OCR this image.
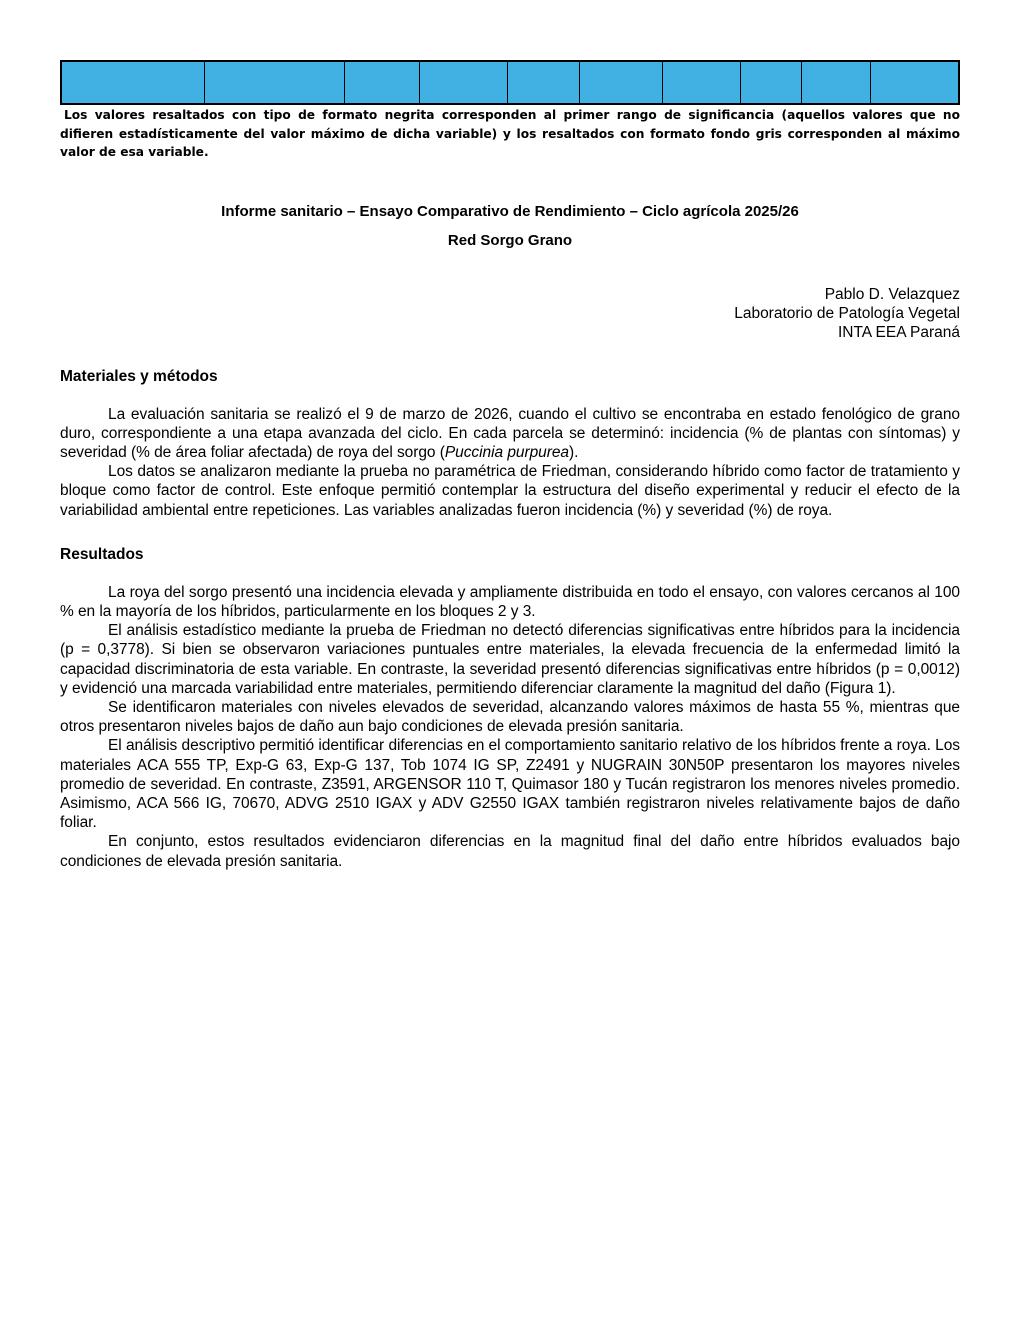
Los valores resaltados con tipo de formato negrita corresponden al primer rango de significancia (aquellos valores que no difieren estadísticamente del valor máximo de dicha variable) y los resaltados con formato fondo gris corresponden al máximo valor de esa variable.

Informe sanitario – Ensayo Comparativo de Rendimiento – Ciclo agrícola 2025/26

Red Sorgo Grano

Pablo D. Velazquez
Laboratorio de Patología Vegetal
INTA EEA Paraná
Materiales y métodos

La evaluación sanitaria se realizó el 9 de marzo de 2026, cuando el cultivo se encontraba en estado fenológico de grano duro, correspondiente a una etapa avanzada del ciclo. En cada parcela se determinó: incidencia (% de plantas con síntomas) y severidad (% de área foliar afectada) de roya del sorgo (Puccinia purpurea).

Los datos se analizaron mediante la prueba no paramétrica de Friedman, considerando híbrido como factor de tratamiento y bloque como factor de control. Este enfoque permitió contemplar la estructura del diseño experimental y reducir el efecto de la variabilidad ambiental entre repeticiones. Las variables analizadas fueron incidencia (%) y severidad (%) de roya.

Resultados

La roya del sorgo presentó una incidencia elevada y ampliamente distribuida en todo el ensayo, con valores cercanos al 100 % en la mayoría de los híbridos, particularmente en los bloques 2 y 3.

El análisis estadístico mediante la prueba de Friedman no detectó diferencias significativas entre híbridos para la incidencia (p = 0,3778). Si bien se observaron variaciones puntuales entre materiales, la elevada frecuencia de la enfermedad limitó la capacidad discriminatoria de esta variable. En contraste, la severidad presentó diferencias significativas entre híbridos (p = 0,0012) y evidenció una marcada variabilidad entre materiales, permitiendo diferenciar claramente la magnitud del daño (Figura 1).

Se identificaron materiales con niveles elevados de severidad, alcanzando valores máximos de hasta 55 %, mientras que otros presentaron niveles bajos de daño aun bajo condiciones de elevada presión sanitaria.

El análisis descriptivo permitió identificar diferencias en el comportamiento sanitario relativo de los híbridos frente a roya. Los materiales ACA 555 TP, Exp-G 63, Exp-G 137, Tob 1074 IG SP, Z2491 y NUGRAIN 30N50P presentaron los mayores niveles promedio de severidad. En contraste, Z3591, ARGENSOR 110 T, Quimasor 180 y Tucán registraron los menores niveles promedio. Asimismo, ACA 566 IG, 70670, ADVG 2510 IGAX y ADV G2550 IGAX también registraron niveles relativamente bajos de daño foliar.

En conjunto, estos resultados evidenciaron diferencias en la magnitud final del daño entre híbridos evaluados bajo condiciones de elevada presión sanitaria.
